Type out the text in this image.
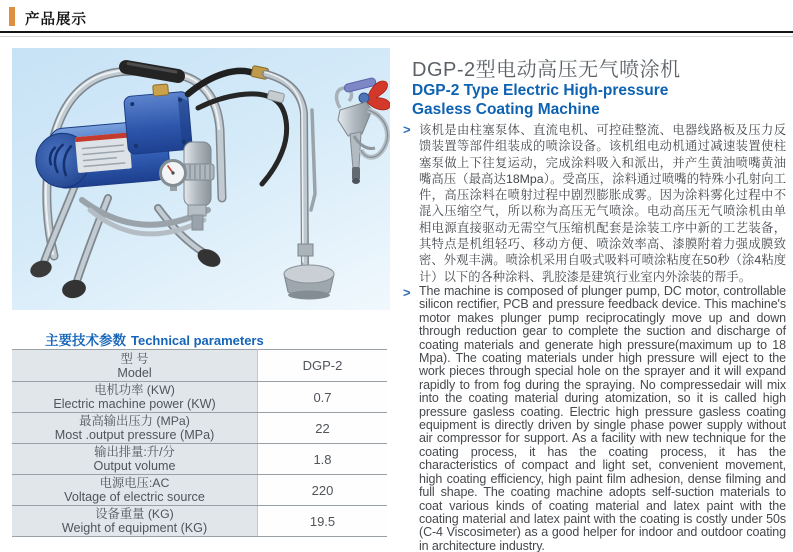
产品展示
DGP-2型电动高压无气喷涂机
DGP-2 Type Electric High-pressure
Gasless Coating Machine
> 该机是由柱塞泵体、直流电机、可控硅整流、电器线路板及压力反馈装置等部件组装成的喷涂设备。该机组电动机通过减速装置使柱塞泵做上下往复运动，完成涂料吸入和派出，并产生黄油喷嘴黄油嘴高压（最高达18Mpa）。受高压，涂料通过喷嘴的特殊小孔射向工件，高压涂料在喷射过程中剧烈膨胀成雾。因为涂料雾化过程中不混入压缩空气，所以称为高压无气喷涂。电动高压无气喷涂机由单相电源直接驱动无需空气压缩机配套是涂装工序中新的工艺装备，其特点是机组轻巧、移动方便、喷涂效率高、漆膜附着力强成膜致密、外观丰满。喷涂机采用自吸式吸料可喷涂粘度在50秒（涂4粘度计）以下的各种涂料、乳胶漆是建筑行业室内外涂装的帮手。
> The machine is composed of plunger pump, DC motor, controllable silicon rectifier, PCB and pressure feedback device. This machine's motor makes plunger pump reciprocatingly move up and down through reduction gear to complete the suction and discharge of coating materials and generate high pressure(maximum up to 18 Mpa). The coating materials under high pressure will eject to the work pieces through special hole on the sprayer and it will expand rapidly to from fog during the spraying. No compressedair will mix into the coating material during atomization, so it is called high pressure gasless coating. Electric high pressure gasless coating equipment is directly driven by single phase power supply without air compressor for support. As a facility with new technique for the coating process, it has the coating process, it has the characteristics of compact and light set, convenient movement, high coating efficiency, high paint film adhesion, dense filming and full shape. The coating machine adopts self-suction materials to coat various kinds of coating material and latex paint with the coating material and latex paint with the coating is costly under 50s (C-4 Viscosimeter) as a good helper for indoor and outdoor coating in architecture industry.
主要技术参数 Technical parameters
型 号
Model	DGP-2

电机功率 (KW)
Electric machine power (KW)	0.7

最高输出压力 (MPa)
Most .output pressure (MPa)	22

输出排量:升/分
Output volume	1.8

电源电压:AC
Voltage of electric source	220

设备重量 (KG)
Weight of equipment (KG)	19.5
